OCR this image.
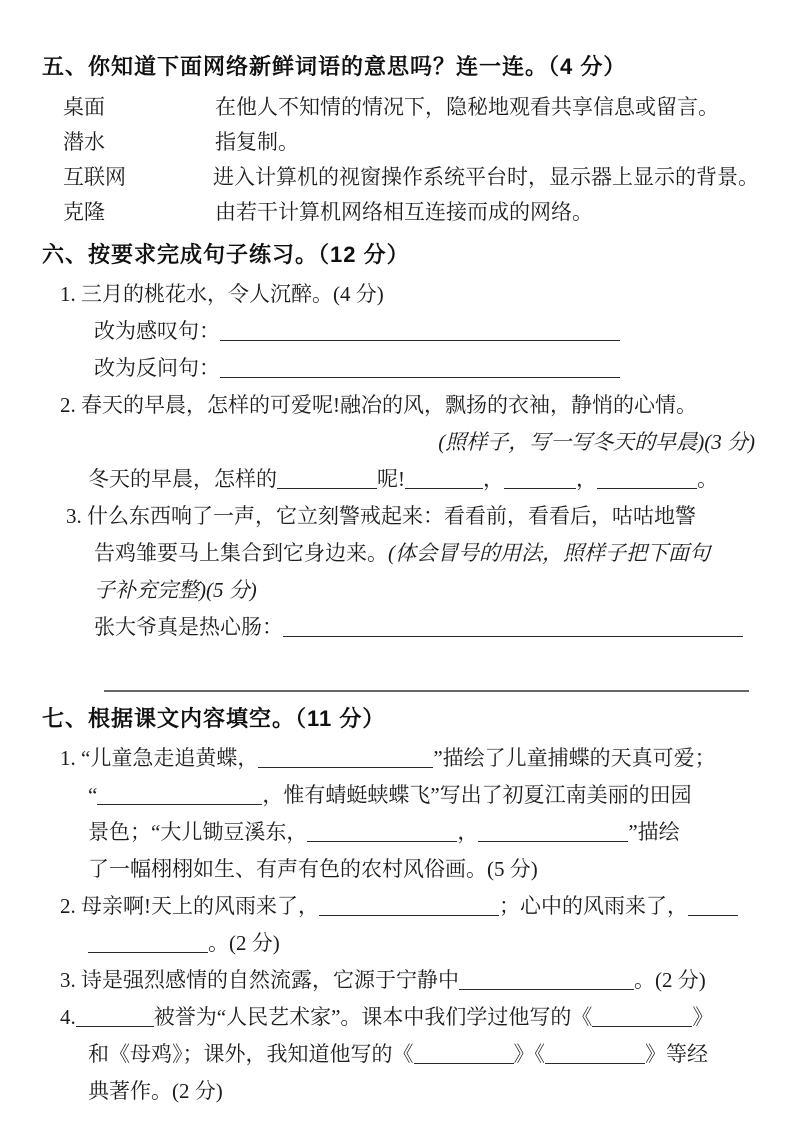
五、你知道下面网络新鲜词语的意思吗？连一连。（4 分）
桌面	在他人不知情的情况下，隐秘地观看共享信息或留言。
潜水	指复制。
互联网	进入计算机的视窗操作系统平台时，显示器上显示的背景。
克隆	由若干计算机网络相互连接而成的网络。
六、按要求完成句子练习。（12 分）
1. 三月的桃花水，令人沉醉。(4 分)
改为感叹句：
改为反问句：
2. 春天的早晨，怎样的可爱呢!融冶的风，飘扬的衣袖，静悄的心情。
(照样子，写一写冬天的早晨)(3 分)
冬天的早晨，怎样的	呢!	，	，	。
3. 什么东西响了一声，它立刻警戒起来：看看前，看看后，咕咕地警
告鸡雏要马上集合到它身边来。(体会冒号的用法，照样子把下面句
子补充完整)(5 分)
张大爷真是热心肠：
七、根据课文内容填空。（11 分）
1. “儿童急走追黄蝶，	”描绘了儿童捕蝶的天真可爱；
“	，惟有蜻蜓蛱蝶飞”写出了初夏江南美丽的田园
景色；“大儿锄豆溪东，	，	”描绘
了一幅栩栩如生、有声有色的农村风俗画。(5 分)
2. 母亲啊!天上的风雨来了，	；心中的风雨来了，
。(2 分)
3. 诗是强烈感情的自然流露，它源于宁静中	。(2 分)
4.	被誉为“人民艺术家”。课本中我们学过他写的《	》
和《母鸡》；课外，我知道他写的《	》《	》等经
典著作。(2 分)
